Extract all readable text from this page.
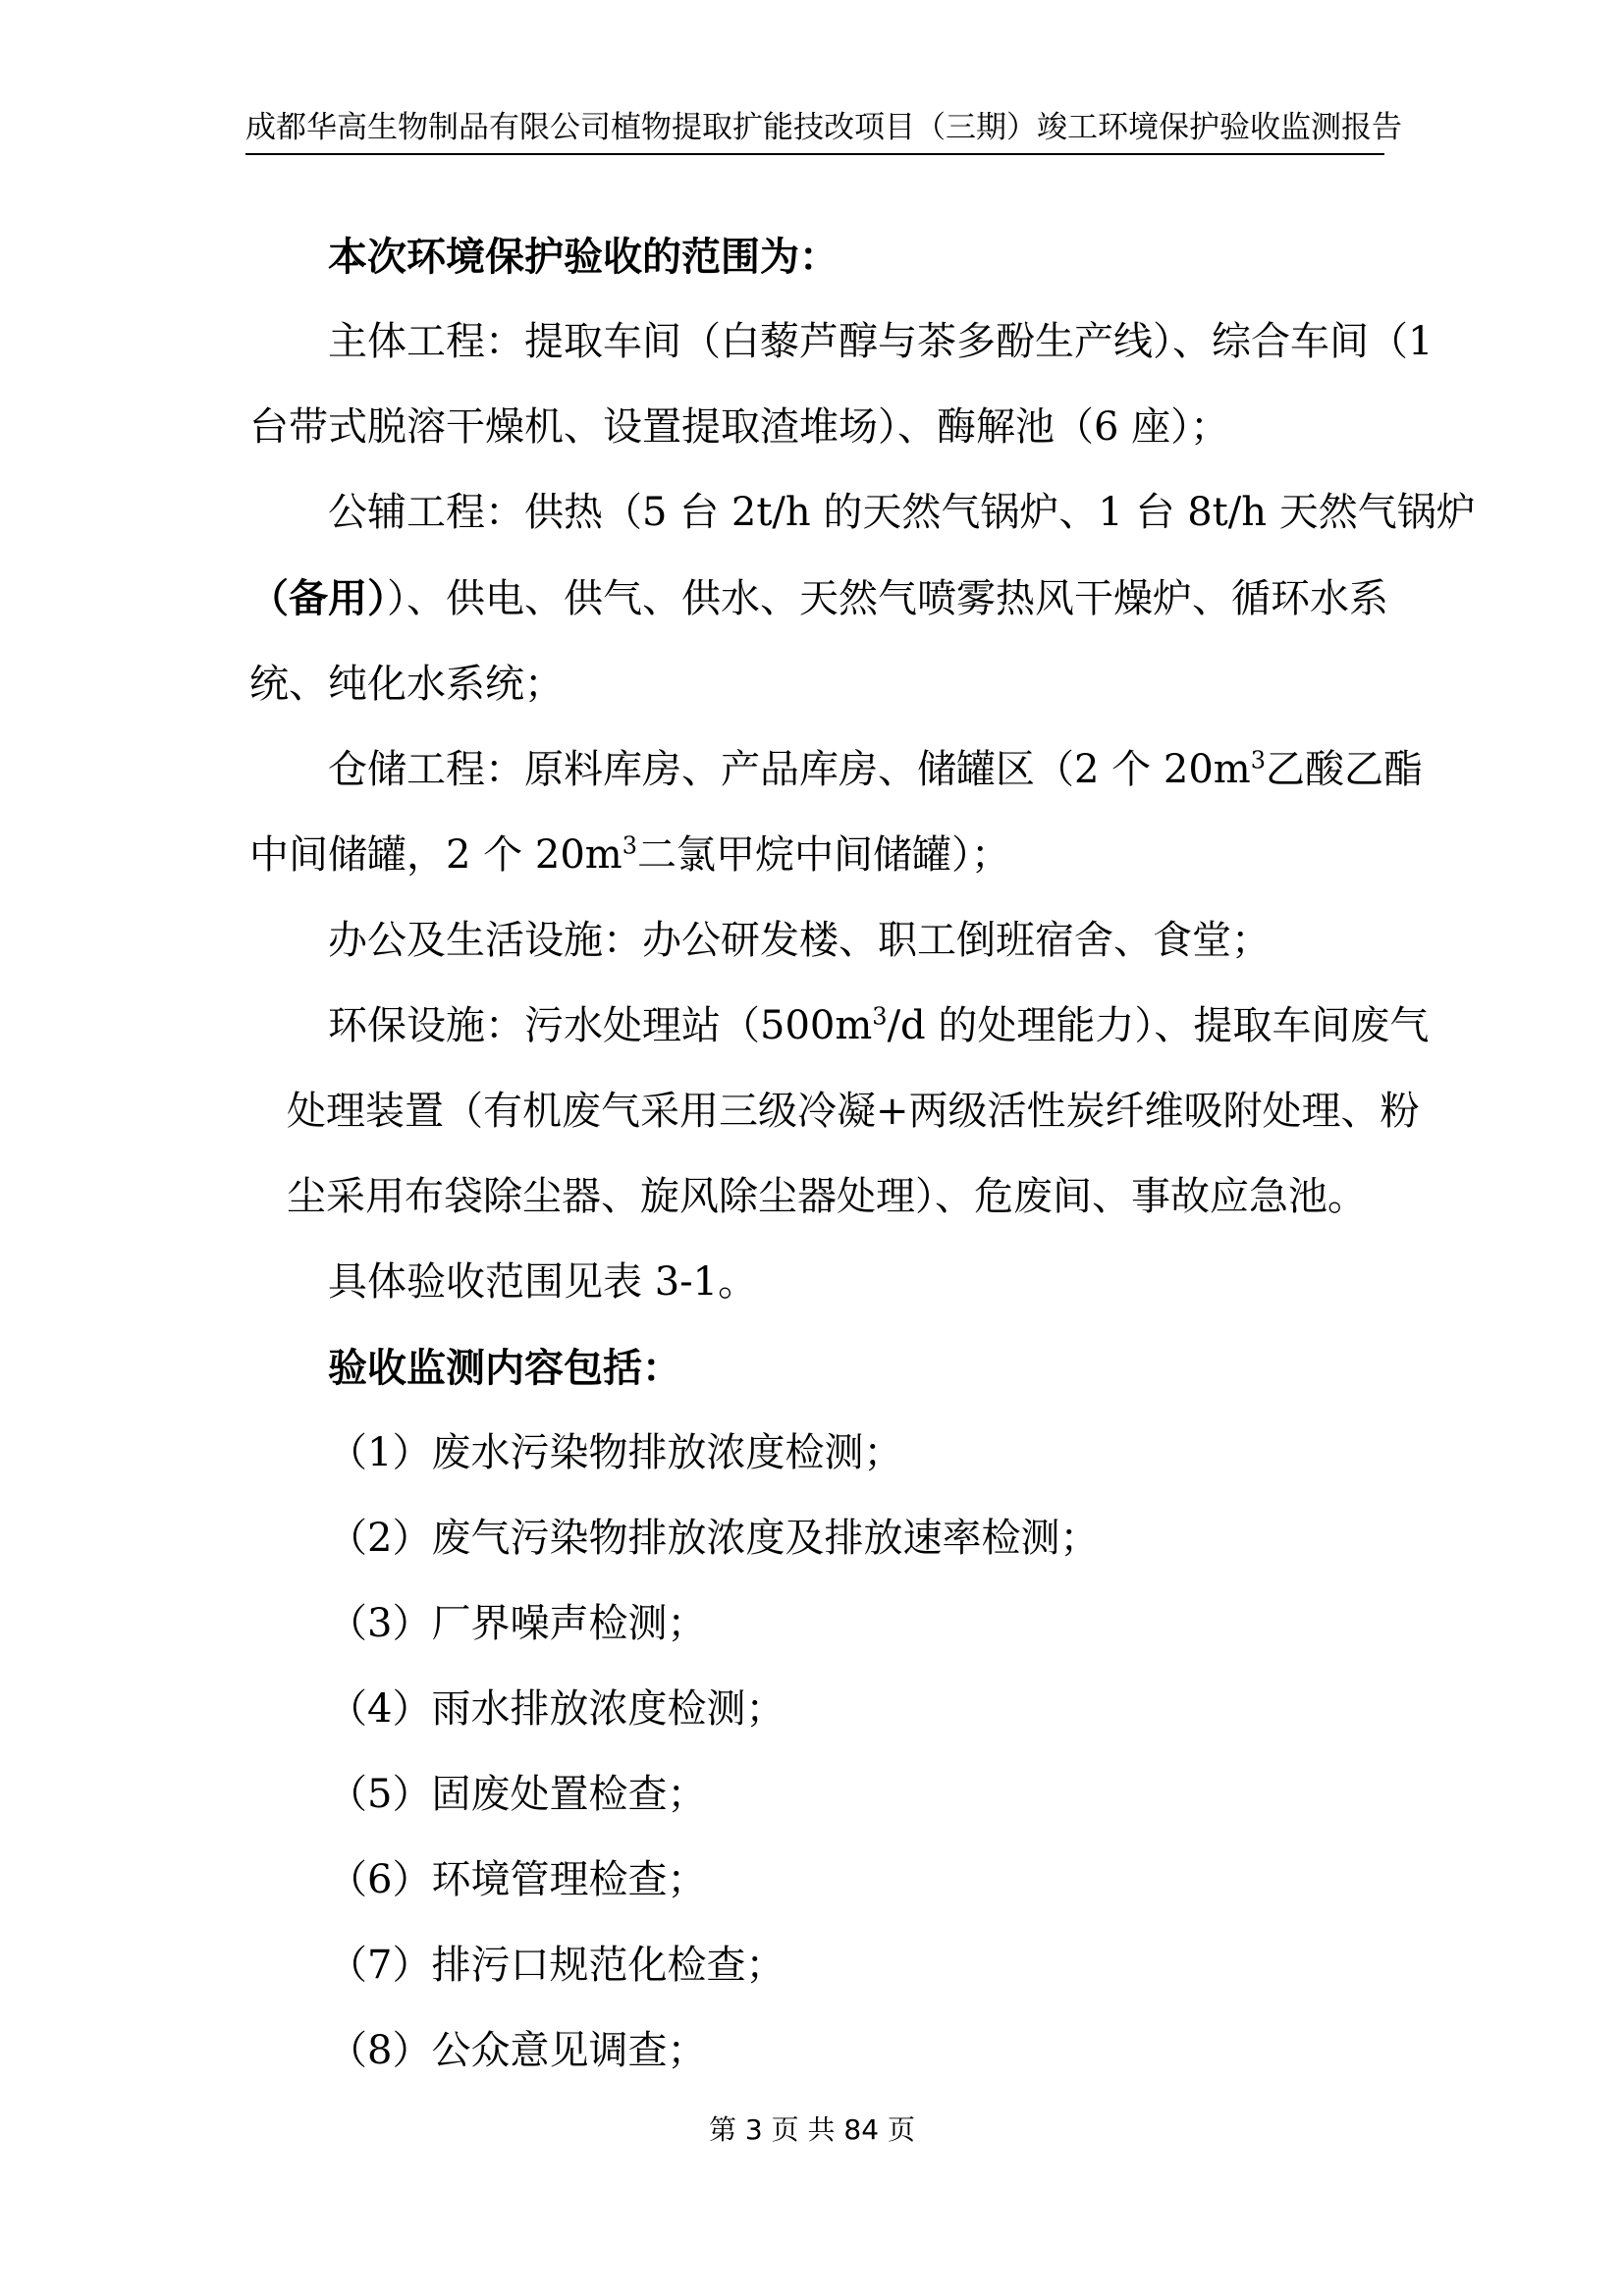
成都华高生物制品有限公司植物提取扩能技改项目（三期）竣工环境保护验收监测报告
本次环境保护验收的范围为：
主体工程：提取车间（白藜芦醇与茶多酚生产线）、综合车间（1
台带式脱溶干燥机、设置提取渣堆场）、酶解池（6 座）；
公辅工程：供热（5 台 2t/h 的天然气锅炉、1 台 8t/h 天然气锅炉
（备用））、供电、供气、供水、天然气喷雾热风干燥炉、循环水系
统、纯化水系统；
仓储工程：原料库房、产品库房、储罐区（2 个 $20m^3$乙酸乙酯
中间储罐，2 个 $20m^3$二氯甲烷中间储罐）；
办公及生活设施：办公研发楼、职工倒班宿舍、食堂；
环保设施：污水处理站（$500m^3/d$ 的处理能力）、提取车间废气
处理装置（有机废气采用三级冷凝+两级活性炭纤维吸附处理、粉
尘采用布袋除尘器、旋风除尘器处理）、危废间、事故应急池。
具体验收范围见表 3-1。
验收监测内容包括：
（1）废水污染物排放浓度检测；
（2）废气污染物排放浓度及排放速率检测；
（3）厂界噪声检测；
（4）雨水排放浓度检测；
（5）固废处置检查；
（6）环境管理检查；
（7）排污口规范化检查；
（8）公众意见调查；
第 3 页 共 84 页
